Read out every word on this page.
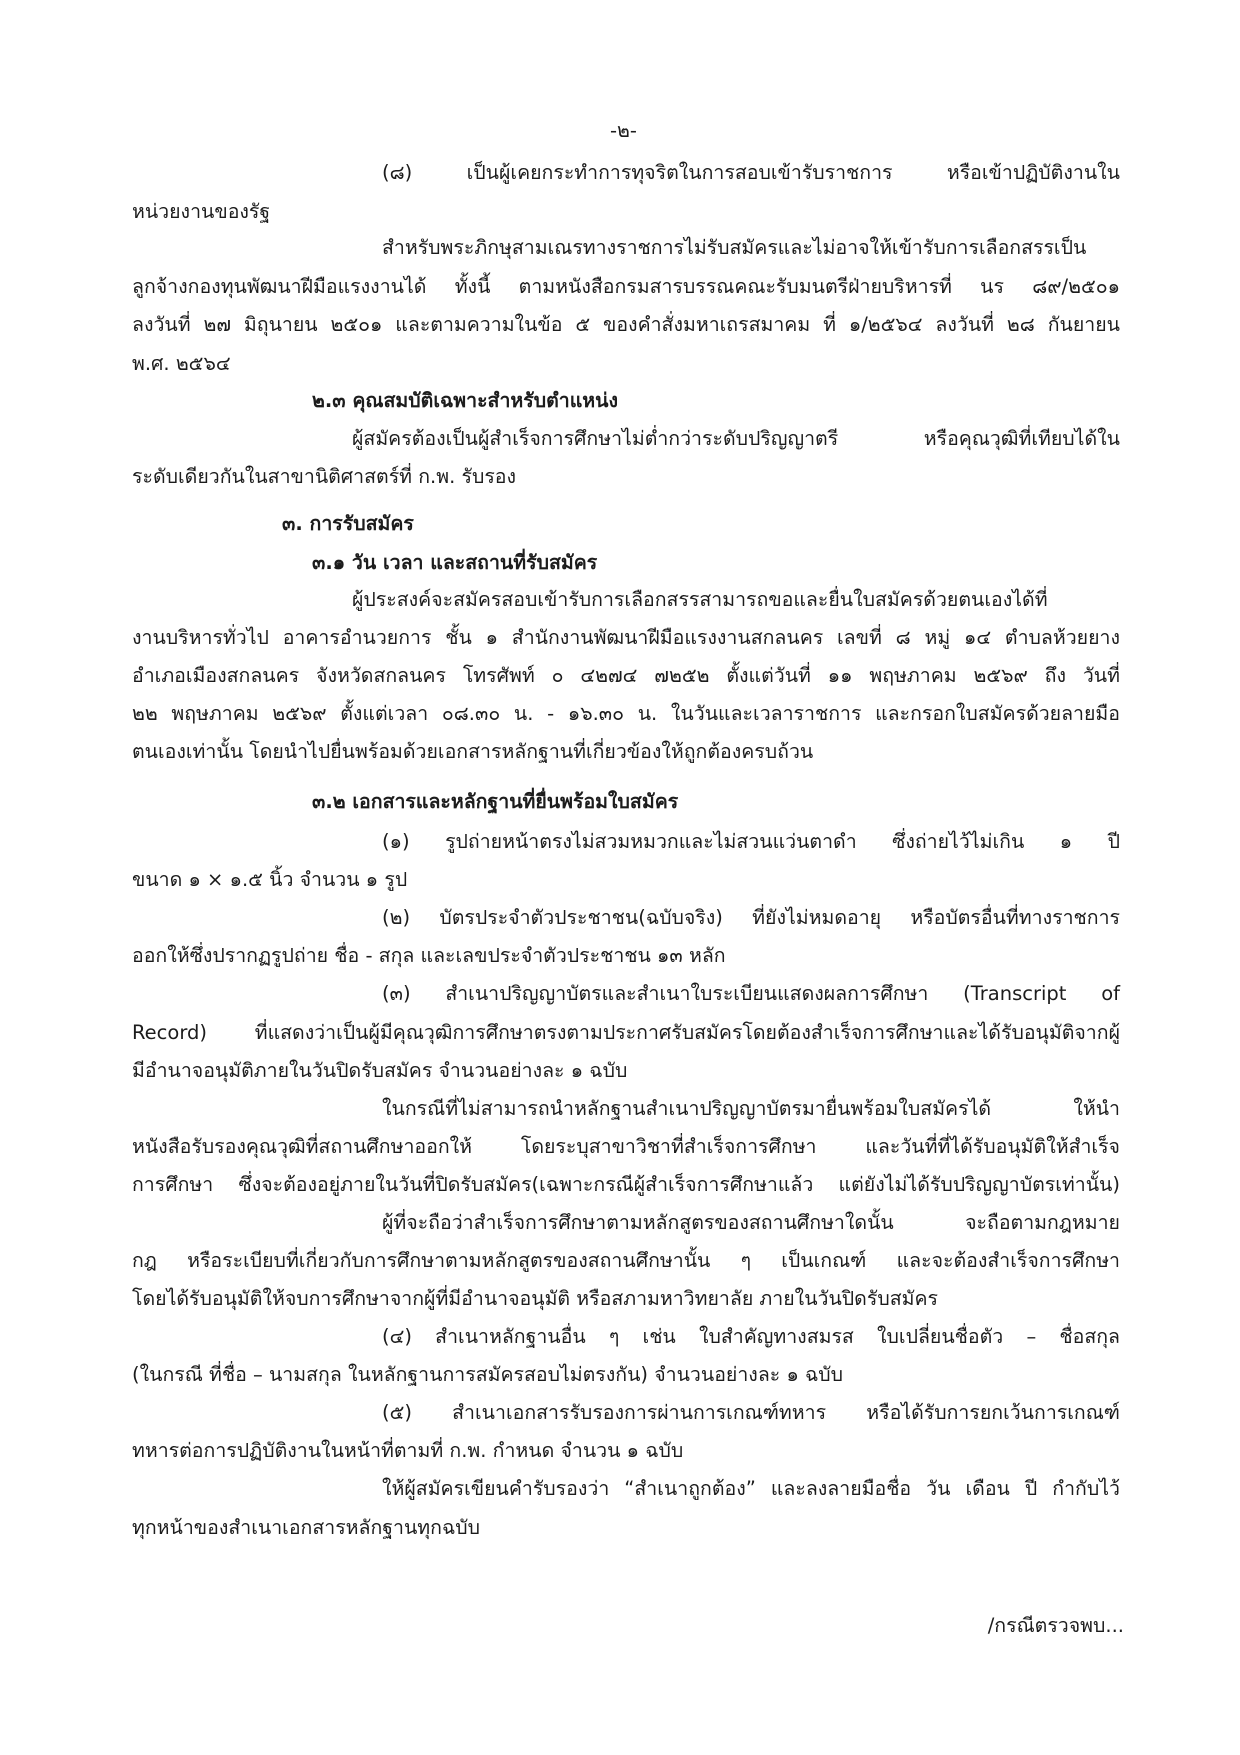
-๒-
(๘) เป็นผู้เคยกระทำการทุจริตในการสอบเข้ารับราชการ หรือเข้าปฏิบัติงานใน
หน่วยงานของรัฐ
สำหรับพระภิกษุสามเณรทางราชการไม่รับสมัครและไม่อาจให้เข้ารับการเลือกสรรเป็น
ลูกจ้างกองทุนพัฒนาฝีมือแรงงานได้ ทั้งนี้ ตามหนังสือกรมสารบรรณคณะรับมนตรีฝ่ายบริหารที่ นร ๘๙/๒๕๐๑
ลงวันที่ ๒๗ มิถุนายน ๒๕๐๑ และตามความในข้อ ๕ ของคำสั่งมหาเถรสมาคม ที่ ๑/๒๕๖๔ ลงวันที่ ๒๘ กันยายน
พ.ศ. ๒๕๖๔
๒.๓ คุณสมบัติเฉพาะสำหรับตำแหน่ง
ผู้สมัครต้องเป็นผู้สำเร็จการศึกษาไม่ต่ำกว่าระดับปริญญาตรี หรือคุณวุฒิที่เทียบได้ใน
ระดับเดียวกันในสาขานิติศาสตร์ที่ ก.พ. รับรอง
๓. การรับสมัคร
๓.๑ วัน เวลา และสถานที่รับสมัคร
ผู้ประสงค์จะสมัครสอบเข้ารับการเลือกสรรสามารถขอและยื่นใบสมัครด้วยตนเองได้ที่
งานบริหารทั่วไป อาคารอำนวยการ ชั้น ๑ สำนักงานพัฒนาฝีมือแรงงานสกลนคร เลขที่ ๘ หมู่ ๑๔ ตำบลห้วยยาง
อำเภอเมืองสกลนคร จังหวัดสกลนคร โทรศัพท์ ๐ ๔๒๗๔ ๗๒๕๒ ตั้งแต่วันที่ ๑๑ พฤษภาคม ๒๕๖๙ ถึง วันที่
๒๒ พฤษภาคม ๒๕๖๙ ตั้งแต่เวลา ๐๘.๓๐ น. - ๑๖.๓๐ น. ในวันและเวลาราชการ และกรอกใบสมัครด้วยลายมือ
ตนเองเท่านั้น โดยนำไปยื่นพร้อมด้วยเอกสารหลักฐานที่เกี่ยวข้องให้ถูกต้องครบถ้วน
๓.๒ เอกสารและหลักฐานที่ยื่นพร้อมใบสมัคร
(๑) รูปถ่ายหน้าตรงไม่สวมหมวกและไม่สวนแว่นตาดำ ซึ่งถ่ายไว้ไม่เกิน ๑ ปี
ขนาด ๑ × ๑.๕ นิ้ว จำนวน ๑ รูป
(๒) บัตรประจำตัวประชาชน(ฉบับจริง) ที่ยังไม่หมดอายุ หรือบัตรอื่นที่ทางราชการ
ออกให้ซึ่งปรากฏรูปถ่าย ชื่อ - สกุล และเลขประจำตัวประชาชน ๑๓ หลัก
(๓) สำเนาปริญญาบัตรและสำเนาใบระเบียนแสดงผลการศึกษา (Transcript of
Record) ที่แสดงว่าเป็นผู้มีคุณวุฒิการศึกษาตรงตามประกาศรับสมัครโดยต้องสำเร็จการศึกษาและได้รับอนุมัติจากผู้
มีอำนาจอนุมัติภายในวันปิดรับสมัคร จำนวนอย่างละ ๑ ฉบับ
ในกรณีที่ไม่สามารถนำหลักฐานสำเนาปริญญาบัตรมายื่นพร้อมใบสมัครได้ ให้นำ
หนังสือรับรองคุณวุฒิที่สถานศึกษาออกให้ โดยระบุสาขาวิชาที่สำเร็จการศึกษา และวันที่ที่ได้รับอนุมัติให้สำเร็จ
การศึกษา ซึ่งจะต้องอยู่ภายในวันที่ปิดรับสมัคร(เฉพาะกรณีผู้สำเร็จการศึกษาแล้ว แต่ยังไม่ได้รับปริญญาบัตรเท่านั้น)
ผู้ที่จะถือว่าสำเร็จการศึกษาตามหลักสูตรของสถานศึกษาใดนั้น จะถือตามกฎหมาย
กฎ หรือระเบียบที่เกี่ยวกับการศึกษาตามหลักสูตรของสถานศึกษานั้น ๆ เป็นเกณฑ์ และจะต้องสำเร็จการศึกษา
โดยได้รับอนุมัติให้จบการศึกษาจากผู้ที่มีอำนาจอนุมัติ หรือสภามหาวิทยาลัย ภายในวันปิดรับสมัคร
(๔) สำเนาหลักฐานอื่น ๆ เช่น ใบสำคัญทางสมรส ใบเปลี่ยนชื่อตัว – ชื่อสกุล
(ในกรณี ที่ชื่อ – นามสกุล ในหลักฐานการสมัครสอบไม่ตรงกัน) จำนวนอย่างละ ๑ ฉบับ
(๕) สำเนาเอกสารรับรองการผ่านการเกณฑ์ทหาร หรือได้รับการยกเว้นการเกณฑ์
ทหารต่อการปฏิบัติงานในหน้าที่ตามที่ ก.พ. กำหนด จำนวน ๑ ฉบับ
ให้ผู้สมัครเขียนคำรับรองว่า “สำเนาถูกต้อง” และลงลายมือชื่อ วัน เดือน ปี กำกับไว้
ทุกหน้าของสำเนาเอกสารหลักฐานทุกฉบับ
/กรณีตรวจพบ...
